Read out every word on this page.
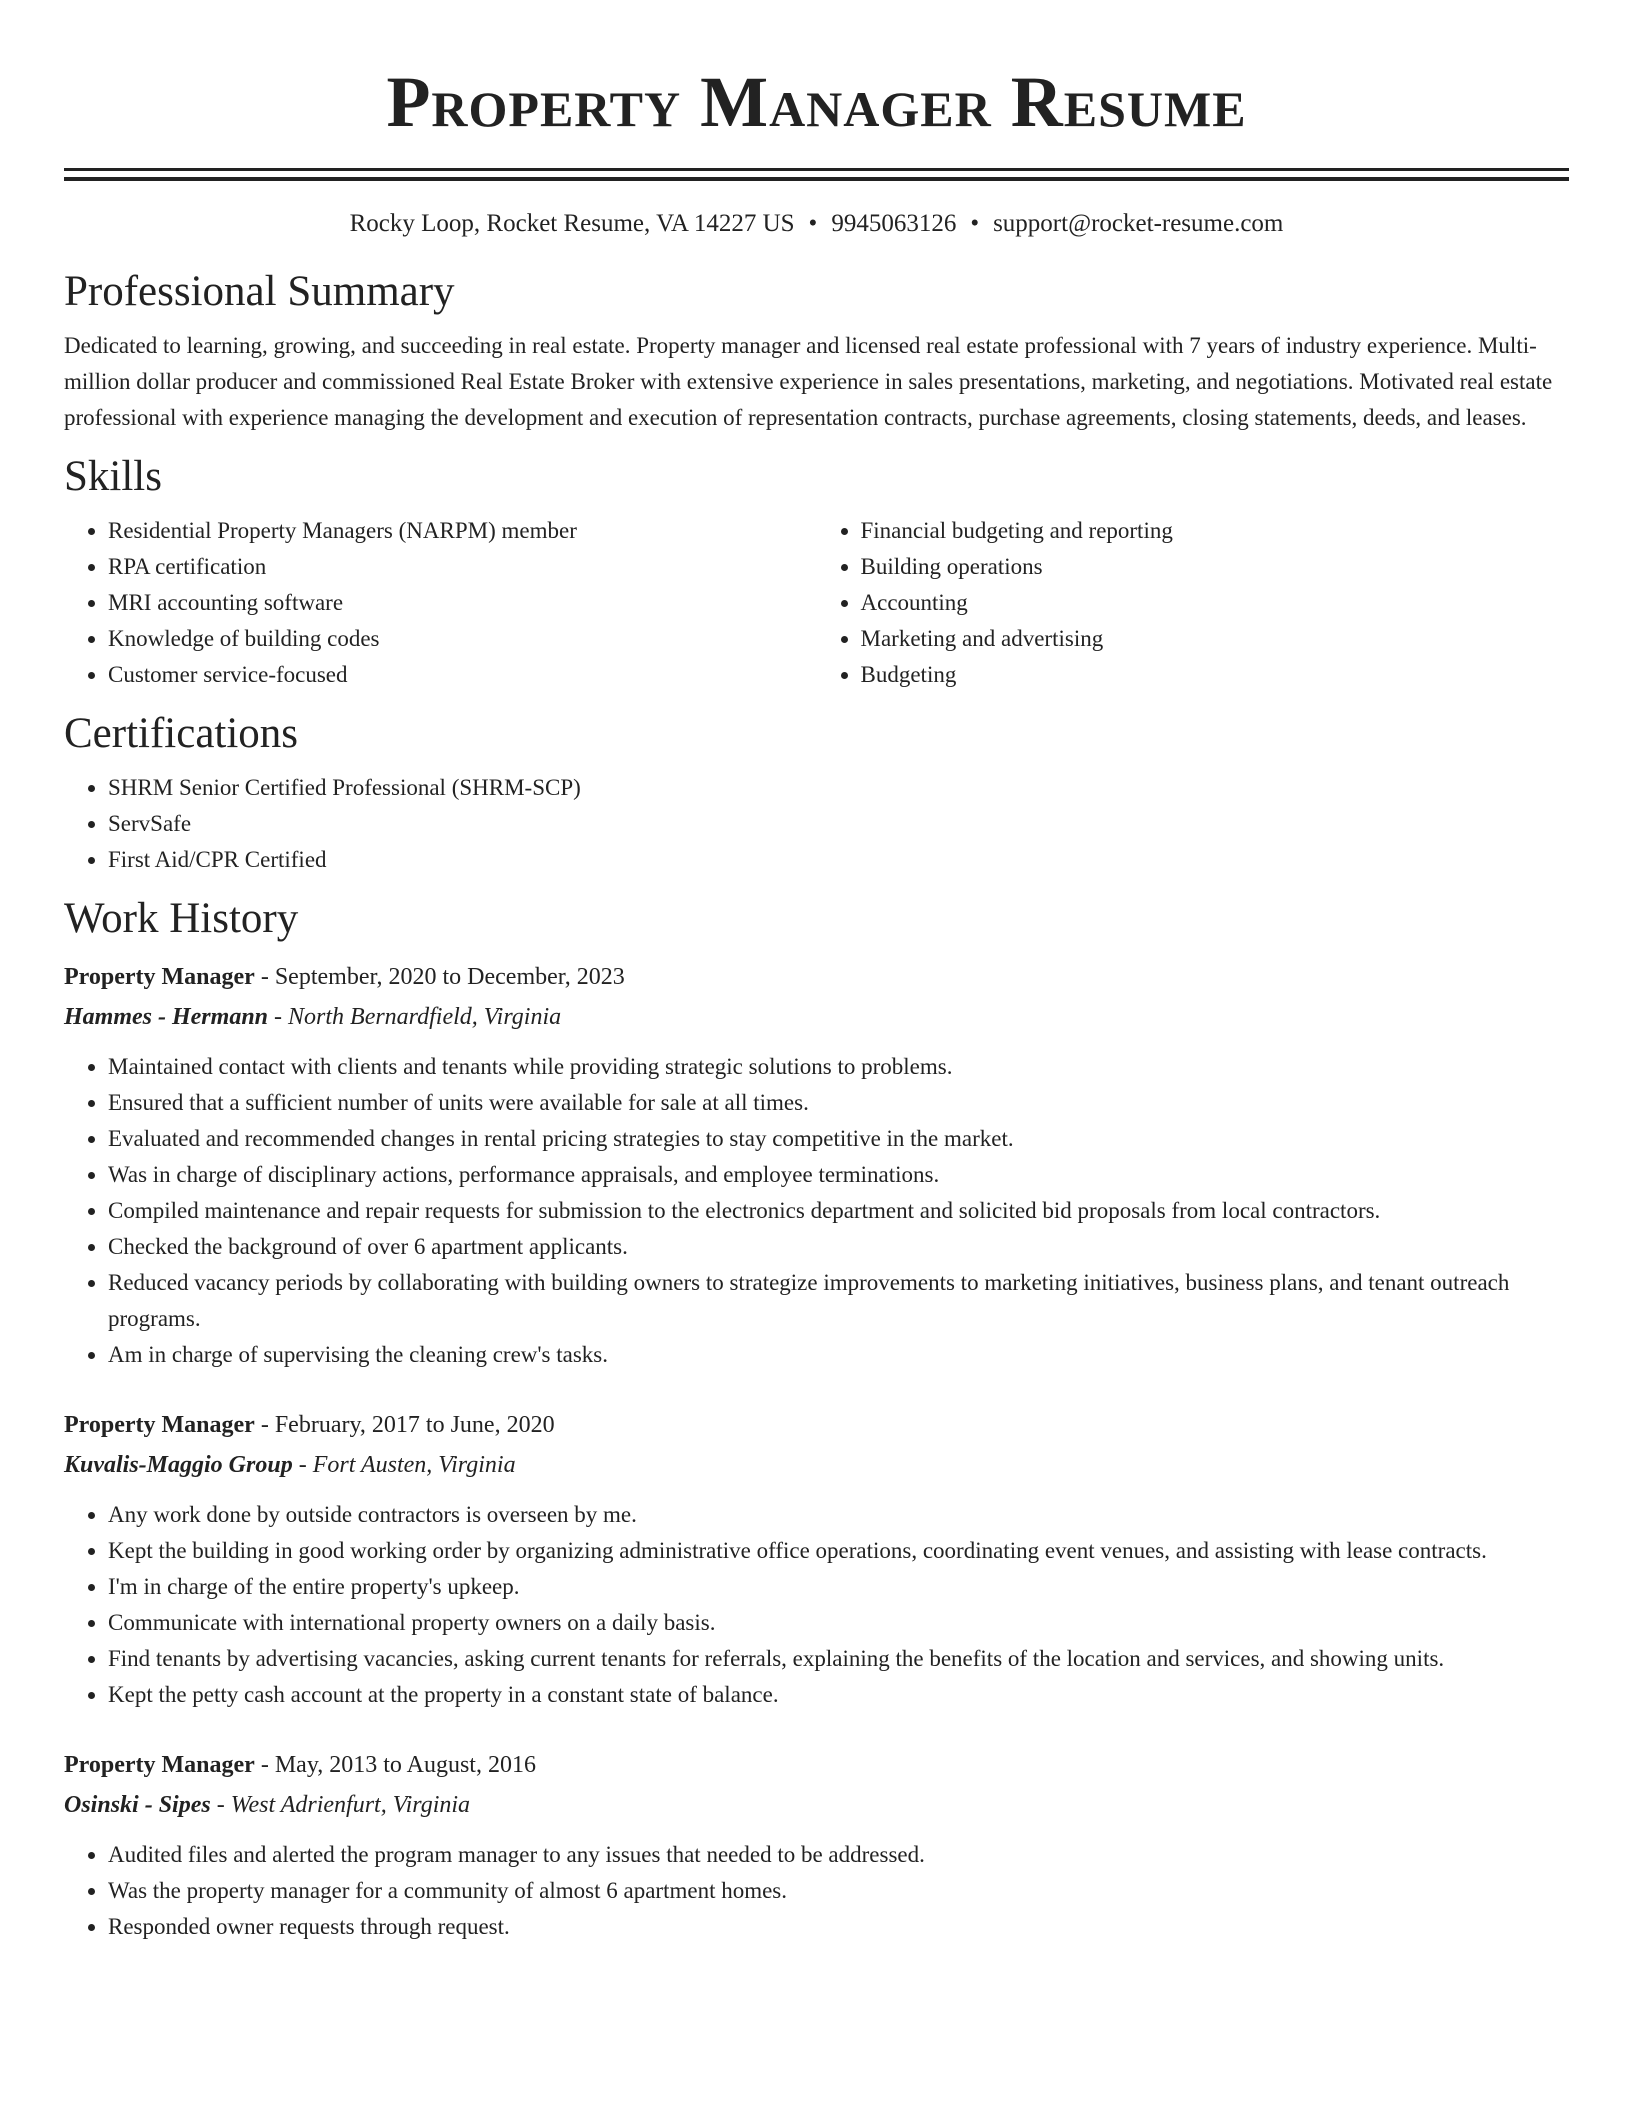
Property Manager Resume
Rocky Loop, Rocket Resume, VA 14227 US • 9945063126 • support@rocket-resume.com
Professional Summary

Dedicated to learning, growing, and succeeding in real estate. Property manager and licensed real estate professional with 7 years of industry experience. Multi-million dollar producer and commissioned Real Estate Broker with extensive experience in sales presentations, marketing, and negotiations. Motivated real estate professional with experience managing the development and execution of representation contracts, purchase agreements, closing statements, deeds, and leases.

Skills
• Residential Property Managers (NARPM) member
• RPA certification
• MRI accounting software
• Knowledge of building codes
• Customer service-focused
• Financial budgeting and reporting
• Building operations
• Accounting
• Marketing and advertising
• Budgeting
Certifications
• SHRM Senior Certified Professional (SHRM-SCP)
• ServSafe
• First Aid/CPR Certified
Work History
Property Manager - September, 2020 to December, 2023
Hammes - Hermann - North Bernardfield, Virginia
• Maintained contact with clients and tenants while providing strategic solutions to problems.
• Ensured that a sufficient number of units were available for sale at all times.
• Evaluated and recommended changes in rental pricing strategies to stay competitive in the market.
• Was in charge of disciplinary actions, performance appraisals, and employee terminations.
• Compiled maintenance and repair requests for submission to the electronics department and solicited bid proposals from local contractors.
• Checked the background of over 6 apartment applicants.
• Reduced vacancy periods by collaborating with building owners to strategize improvements to marketing initiatives, business plans, and tenant outreach programs.
• Am in charge of supervising the cleaning crew's tasks.
Property Manager - February, 2017 to June, 2020
Kuvalis-Maggio Group - Fort Austen, Virginia
• Any work done by outside contractors is overseen by me.
• Kept the building in good working order by organizing administrative office operations, coordinating event venues, and assisting with lease contracts.
• I'm in charge of the entire property's upkeep.
• Communicate with international property owners on a daily basis.
• Find tenants by advertising vacancies, asking current tenants for referrals, explaining the benefits of the location and services, and showing units.
• Kept the petty cash account at the property in a constant state of balance.
Property Manager - May, 2013 to August, 2016
Osinski - Sipes - West Adrienfurt, Virginia
• Audited files and alerted the program manager to any issues that needed to be addressed.
• Was the property manager for a community of almost 6 apartment homes.
• Responded owner requests through request.
